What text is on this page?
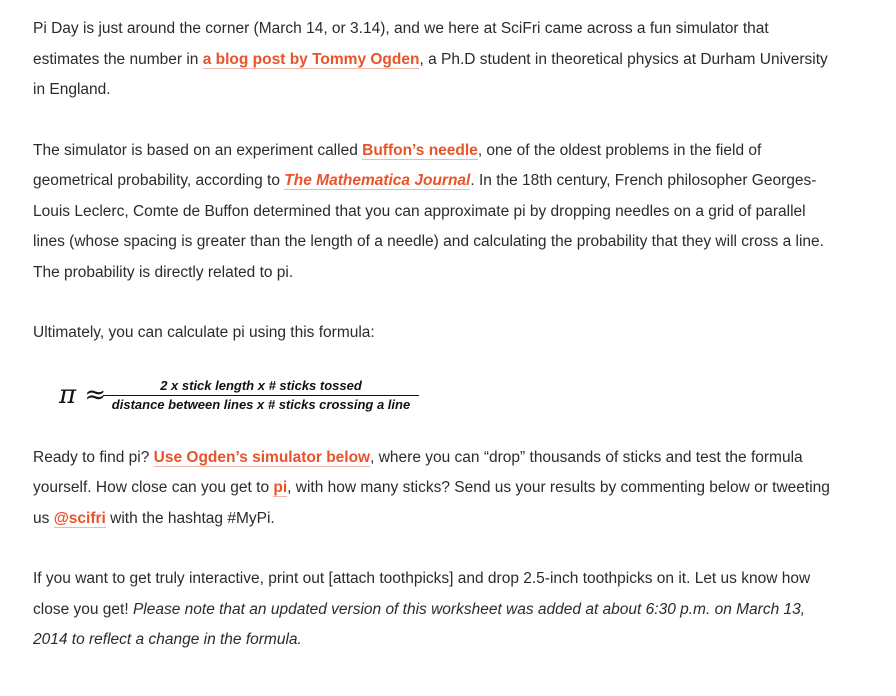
Pi Day is just around the corner (March 14, or 3.14), and we here at SciFri came across a fun simulator that estimates the number in a blog post by Tommy Ogden, a Ph.D student in theoretical physics at Durham University in England.

The simulator is based on an experiment called Buffon’s needle, one of the oldest problems in the field of geometrical probability, according to The Mathematica Journal. In the 18th century, French philosopher Georges-Louis Leclerc, Comte de Buffon determined that you can approximate pi by dropping needles on a grid of parallel lines (whose spacing is greater than the length of a needle) and calculating the probability that they will cross a line. The probability is directly related to pi.

Ultimately, you can calculate pi using this formula:

π ≈	2 x stick length x # sticks tossed
distance between lines x # sticks crossing a line

Ready to find pi? Use Ogden’s simulator below, where you can “drop” thousands of sticks and test the formula yourself. How close can you get to pi, with how many sticks? Send us your results by commenting below or tweeting us @scifri with the hashtag #MyPi.

If you want to get truly interactive, print out [attach toothpicks] and drop 2.5-inch toothpicks on it. Let us know how close you get! Please note that an updated version of this worksheet was added at about 6:30 p.m. on March 13, 2014 to reflect a change in the formula.
